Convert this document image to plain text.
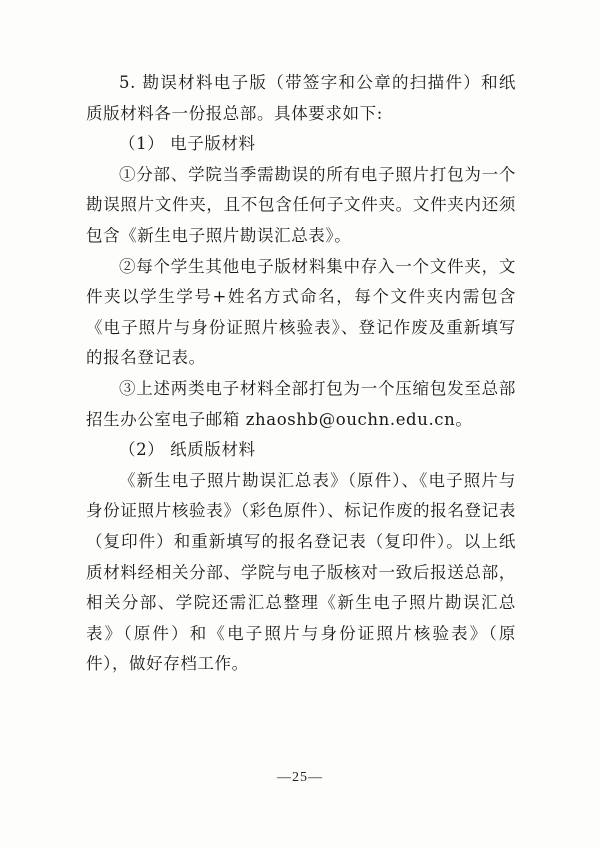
5. 勘误材料电子版（带签字和公章的扫描件）和纸质版材料各一份报总部。具体要求如下:

（1） 电子版材料

①分部、学院当季需勘误的所有电子照片打包为一个勘误照片文件夹，且不包含任何子文件夹。文件夹内还须包含《新生电子照片勘误汇总表》。

②每个学生其他电子版材料集中存入一个文件夹，文件夹以学生学号+姓名方式命名，每个文件夹内需包含《电子照片与身份证照片核验表》、登记作废及重新填写的报名登记表。

③上述两类电子材料全部打包为一个压缩包发至总部招生办公室电子邮箱 zhaoshb@ouchn.edu.cn。

（2） 纸质版材料

《新生电子照片勘误汇总表》（原件）、《电子照片与身份证照片核验表》（彩色原件）、标记作废的报名登记表（复印件）和重新填写的报名登记表（复印件）。以上纸质材料经相关分部、学院与电子版核对一致后报送总部，相关分部、学院还需汇总整理《新生电子照片勘误汇总表》（原件）和《电子照片与身份证照片核验表》（原件），做好存档工作。

—25—
